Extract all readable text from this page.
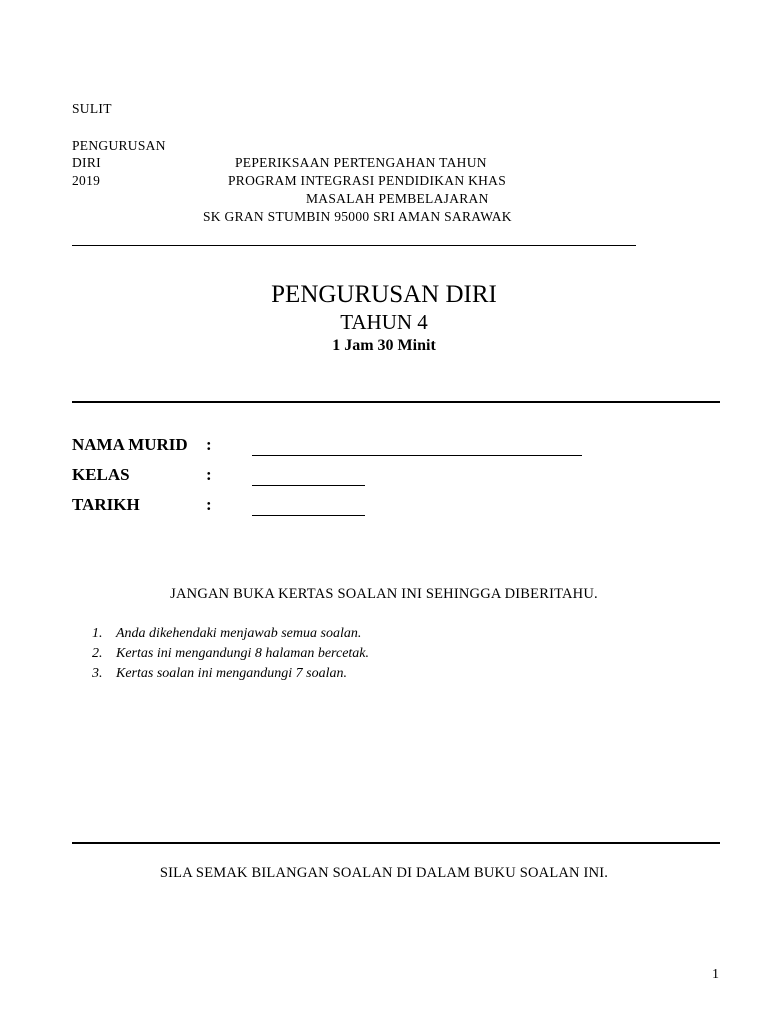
SULIT
PENGURUSAN
DIRI
2019
PEPERIKSAAN PERTENGAHAN TAHUN
PROGRAM INTEGRASI PENDIDIKAN KHAS
MASALAH PEMBELAJARAN
SK GRAN STUMBIN 95000 SRI AMAN SARAWAK
PENGURUSAN DIRI
TAHUN 4
1 Jam 30 Minit
NAMA MURID :
KELAS	:
TARIKH	:
JANGAN BUKA KERTAS SOALAN INI SEHINGGA DIBERITAHU.
1. Anda dikehendaki menjawab semua soalan.
2. Kertas ini mengandungi 8 halaman bercetak.
3. Kertas soalan ini mengandungi 7 soalan.
SILA SEMAK BILANGAN SOALAN DI DALAM BUKU SOALAN INI.
1
